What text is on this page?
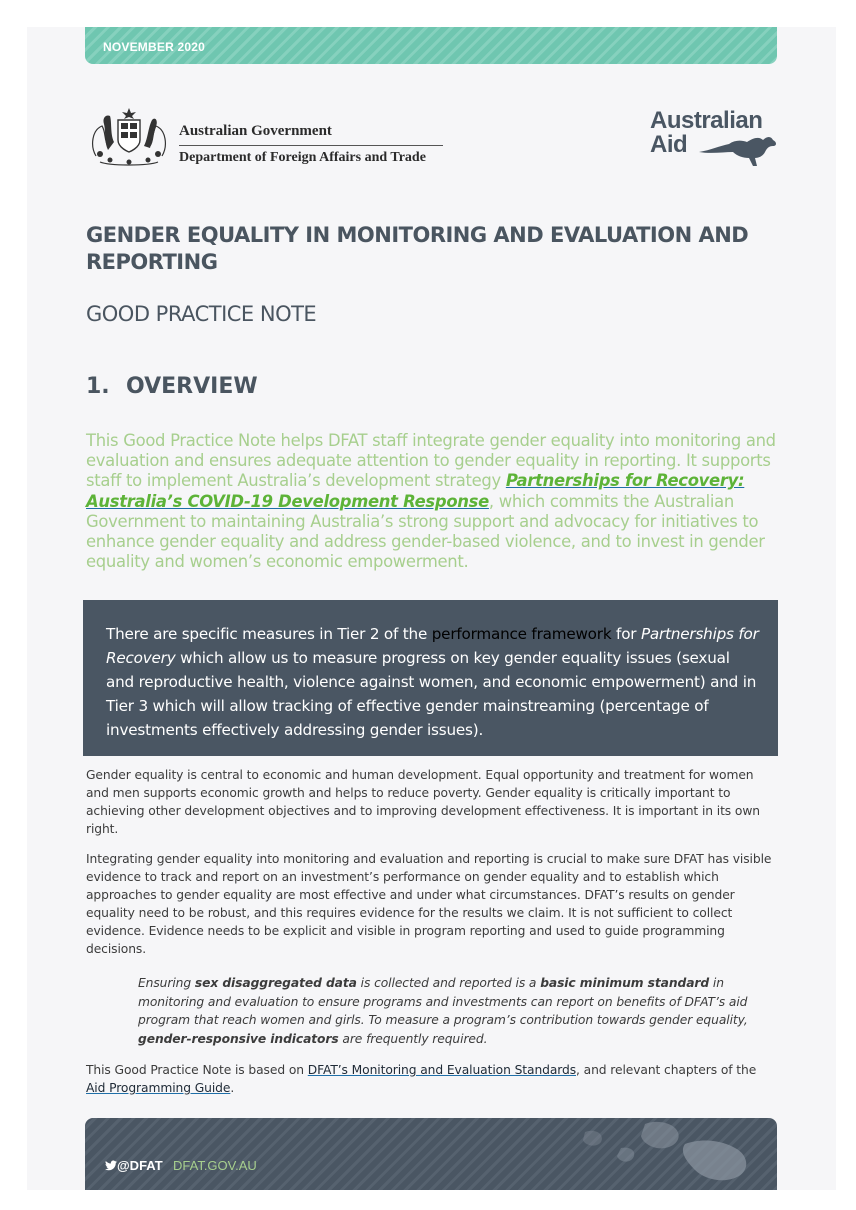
NOVEMBER 2020
Australian Government
Department of Foreign Affairs and Trade
Australian
Aid
GENDER EQUALITY IN MONITORING AND EVALUATION AND REPORTING
GOOD PRACTICE NOTE
1. OVERVIEW

This Good Practice Note helps DFAT staff integrate gender equality into monitoring and evaluation and ensures adequate attention to gender equality in reporting. It supports staff to implement Australia’s development strategy Partnerships for Recovery: Australia’s COVID-19 Development Response, which commits the Australian Government to maintaining Australia’s strong support and advocacy for initiatives to enhance gender equality and address gender-based violence, and to invest in gender equality and women’s economic empowerment.

There are specific measures in Tier 2 of the performance framework for Partnerships for Recovery which allow us to measure progress on key gender equality issues (sexual and reproductive health, violence against women, and economic empowerment) and in Tier 3 which will allow tracking of effective gender mainstreaming (percentage of investments effectively addressing gender issues).

Gender equality is central to economic and human development. Equal opportunity and treatment for women and men supports economic growth and helps to reduce poverty. Gender equality is critically important to achieving other development objectives and to improving development effectiveness. It is important in its own right.

Integrating gender equality into monitoring and evaluation and reporting is crucial to make sure DFAT has visible evidence to track and report on an investment’s performance on gender equality and to establish which approaches to gender equality are most effective and under what circumstances. DFAT’s results on gender equality need to be robust, and this requires evidence for the results we claim. It is not sufficient to collect evidence. Evidence needs to be explicit and visible in program reporting and used to guide programming decisions.

Ensuring sex disaggregated data is collected and reported is a basic minimum standard in monitoring and evaluation to ensure programs and investments can report on benefits of DFAT’s aid program that reach women and girls. To measure a program’s contribution towards gender equality, gender-responsive indicators are frequently required.

This Good Practice Note is based on DFAT’s Monitoring and Evaluation Standards, and relevant chapters of the Aid Programming Guide.

@DFAT DFAT.GOV.AU
